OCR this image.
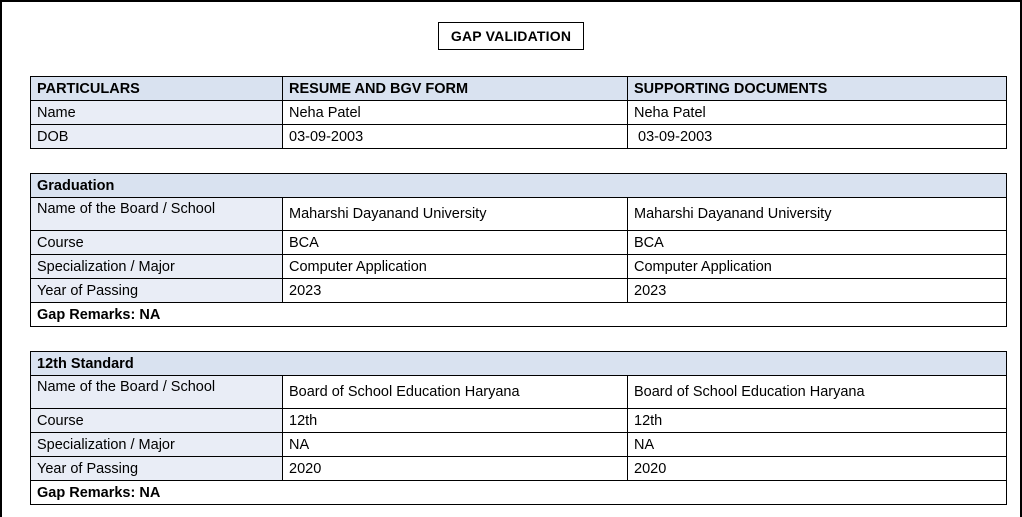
GAP VALIDATION
PARTICULARS	RESUME AND BGV FORM	SUPPORTING DOCUMENTS
Name	Neha Patel	Neha Patel
DOB	03-09-2003	03-09-2003
Graduation		
Name of the Board / School	Maharshi Dayanand University	Maharshi Dayanand University
Course	BCA	BCA
Specialization / Major	Computer Application	Computer Application
Year of Passing	2023	2023
Gap Remarks: NA		
12th Standard		
Name of the Board / School	Board of School Education Haryana	Board of School Education Haryana
Course	12th	12th
Specialization / Major	NA	NA
Year of Passing	2020	2020
Gap Remarks: NA		
